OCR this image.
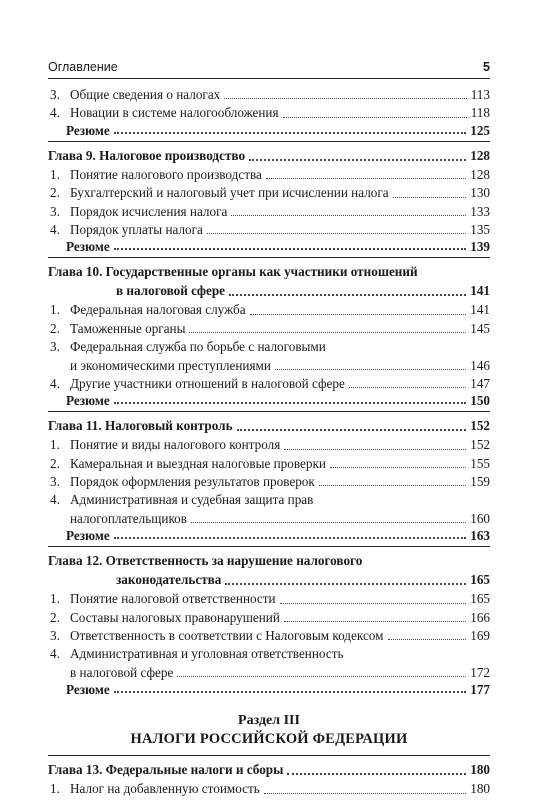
Оглавление	5
3. Общие сведения о налогах	113
4. Новации в системе налогообложения	118
Резюме	125
Глава 9. Налоговое производство	128
1. Понятие налогового производства	128
2. Бухгалтерский и налоговый учет при исчислении налога	130
3. Порядок исчисления налога	133
4. Порядок уплаты налога	135
Резюме	139
Глава 10. Государственные органы как участники отношений
в налоговой сфере	141
1. Федеральная налоговая служба	141
2. Таможенные органы	145
3. Федеральная служба по борьбе с налоговыми
и экономическими преступлениями	146
4. Другие участники отношений в налоговой сфере	147
Резюме	150
Глава 11. Налоговый контроль	152
1. Понятие и виды налогового контроля	152
2. Камеральная и выездная налоговые проверки	155
3. Порядок оформления результатов проверок	159
4. Административная и судебная защита прав
налогоплательщиков	160
Резюме	163
Глава 12. Ответственность за нарушение налогового
законодательства	165
1. Понятие налоговой ответственности	165
2. Составы налоговых правонарушений	166
3. Ответственность в соответствии с Налоговым кодексом	169
4. Административная и уголовная ответственность
в налоговой сфере	172
Резюме	177
Раздел III
НАЛОГИ РОССИЙСКОЙ ФЕДЕРАЦИИ
Глава 13. Федеральные налоги и сборы	180
1. Налог на добавленную стоимость	180
